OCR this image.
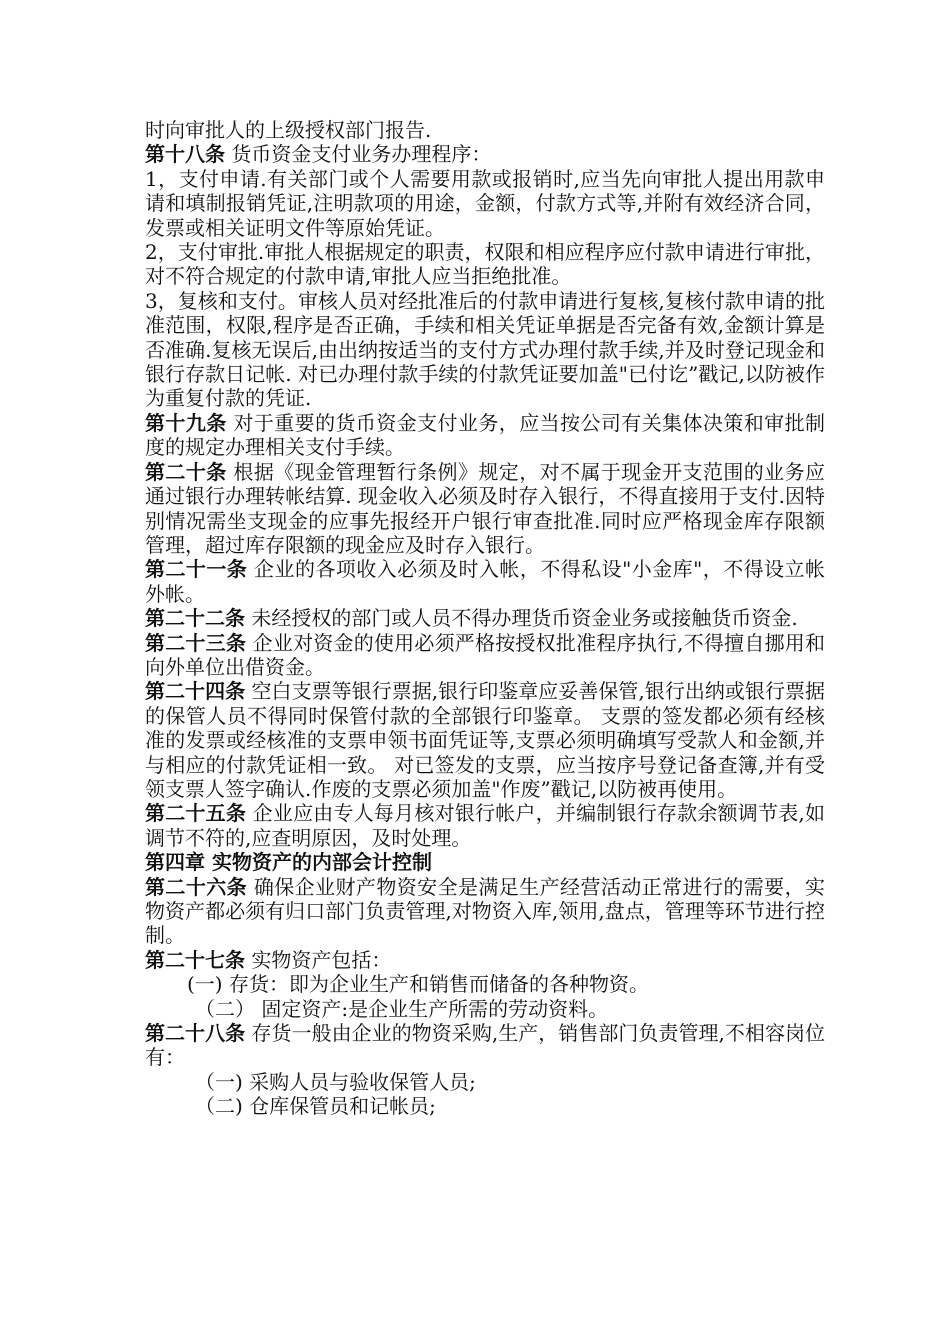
时向审批人的上级授权部门报告.

第十八条 货币资金支付业务办理程序：

1，支付申请.有关部门或个人需要用款或报销时,应当先向审批人提出用款申请和填制报销凭证,注明款项的用途，金额，付款方式等,并附有效经济合同，发票或相关证明文件等原始凭证。

2，支付审批.审批人根据规定的职责，权限和相应程序应付款申请进行审批，对不符合规定的付款申请,审批人应当拒绝批准。

3，复核和支付。审核人员对经批准后的付款申请进行复核,复核付款申请的批准范围，权限,程序是否正确，手续和相关凭证单据是否完备有效,金额计算是否准确.复核无误后,由出纳按适当的支付方式办理付款手续,并及时登记现金和银行存款日记帐. 对已办理付款手续的付款凭证要加盖"已付讫”戳记,以防被作为重复付款的凭证.

第十九条 对于重要的货币资金支付业务，应当按公司有关集体决策和审批制度的规定办理相关支付手续。

第二十条 根据《现金管理暂行条例》规定，对不属于现金开支范围的业务应通过银行办理转帐结算. 现金收入必须及时存入银行，不得直接用于支付.因特别情况需坐支现金的应事先报经开户银行审查批准.同时应严格现金库存限额管理，超过库存限额的现金应及时存入银行。

第二十一条 企业的各项收入必须及时入帐，不得私设"小金库"，不得设立帐外帐。

第二十二条 未经授权的部门或人员不得办理货币资金业务或接触货币资金.

第二十三条 企业对资金的使用必须严格按授权批准程序执行,不得擅自挪用和向外单位出借资金。

第二十四条 空白支票等银行票据,银行印鉴章应妥善保管,银行出纳或银行票据的保管人员不得同时保管付款的全部银行印鉴章。 支票的签发都必须有经核准的发票或经核准的支票申领书面凭证等,支票必须明确填写受款人和金额,并与相应的付款凭证相一致。 对已签发的支票，应当按序号登记备查簿,并有受领支票人签字确认.作废的支票必须加盖"作废”戳记,以防被再使用。

第二十五条 企业应由专人每月核对银行帐户，并编制银行存款余额调节表,如调节不符的,应查明原因，及时处理。

第四章 实物资产的内部会计控制

第二十六条 确保企业财产物资安全是满足生产经营活动正常进行的需要，实物资产都必须有归口部门负责管理,对物资入库,领用,盘点，管理等环节进行控制。

第二十七条 实物资产包括：

(一) 存货：即为企业生产和销售而储备的各种物资。

（二） 固定资产:是企业生产所需的劳动资料。

第二十八条 存货一般由企业的物资采购,生产，销售部门负责管理,不相容岗位有：

（一) 采购人员与验收保管人员;

（二) 仓库保管员和记帐员;
